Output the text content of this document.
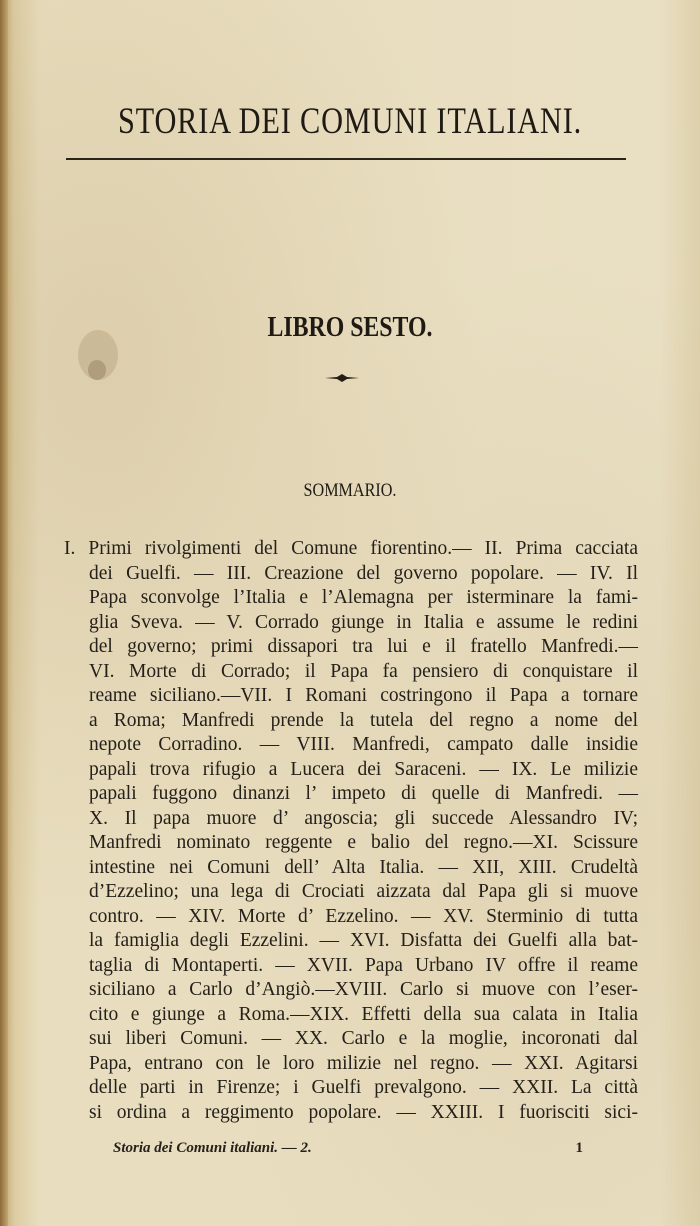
STORIA DEI COMUNI ITALIANI.
LIBRO SESTO.
SOMMARIO.
I. Primi rivolgimenti del Comune fiorentino.— II. Prima cacciata
dei Guelfi. — III. Creazione del governo popolare. — IV. Il
Papa sconvolge l’Italia e l’Alemagna per isterminare la fami-
glia Sveva. — V. Corrado giunge in Italia e assume le redini
del governo; primi dissapori tra lui e il fratello Manfredi.—
VI. Morte di Corrado; il Papa fa pensiero di conquistare il
reame siciliano.—VII. I Romani costringono il Papa a tornare
a Roma; Manfredi prende la tutela del regno a nome del
nepote Corradino. — VIII. Manfredi, campato dalle insidie
papali trova rifugio a Lucera dei Saraceni. — IX. Le milizie
papali fuggono dinanzi l’ impeto di quelle di Manfredi. —
X. Il papa muore d’ angoscia; gli succede Alessandro IV;
Manfredi nominato reggente e balio del regno.—XI. Scissure
intestine nei Comuni dell’ Alta Italia. — XII, XIII. Crudeltà
d’Ezzelino; una lega di Crociati aizzata dal Papa gli si muove
contro. — XIV. Morte d’ Ezzelino. — XV. Sterminio di tutta
la famiglia degli Ezzelini. — XVI. Disfatta dei Guelfi alla bat-
taglia di Montaperti. — XVII. Papa Urbano IV offre il reame
siciliano a Carlo d’Angiò.—XVIII. Carlo si muove con l’eser-
cito e giunge a Roma.—XIX. Effetti della sua calata in Italia
sui liberi Comuni. — XX. Carlo e la moglie, incoronati dal
Papa, entrano con le loro milizie nel regno. — XXI. Agitarsi
delle parti in Firenze; i Guelfi prevalgono. — XXII. La città
si ordina a reggimento popolare. — XXIII. I fuorisciti sici-
Storia dei Comuni italiani. — 2.	1
